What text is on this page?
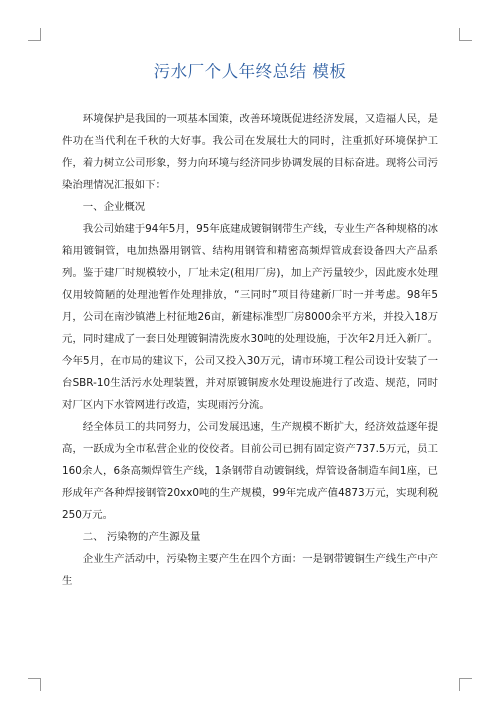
污水厂个人年终总结 模板

环境保护是我国的一项基本国策，改善环境既促进经济发展，又造福人民，是件功在当代利在千秋的大好事。我公司在发展壮大的同时，注重抓好环境保护工作，着力树立公司形象，努力向环境与经济同步协调发展的目标奋进。现将公司污染治理情况汇报如下：

一、企业概况

我公司始建于94年5月，95年底建成镀铜钢带生产线，专业生产各种规格的冰箱用镀铜管，电加热器用钢管、结构用钢管和精密高频焊管成套设备四大产品系列。鉴于建厂时规模较小，厂址未定(租用厂房)，加上产污量较少，因此废水处理仅用较简陋的处理池暂作处理排放，“三同时”项目待建新厂时一并考虑。98年5月，公司在南沙镇港上村征地26亩，新建标准型厂房8000余平方米，并投入18万元，同时建成了一套日处理镀铜清洗废水30吨的处理设施，于次年2月迁入新厂。今年5月，在市局的建议下，公司又投入30万元，请市环境工程公司设计安装了一台SBR-10生活污水处理装置，并对原镀铜废水处理设施进行了改造、规范，同时对厂区内下水管网进行改造，实现雨污分流。

经全体员工的共同努力，公司发展迅速，生产规模不断扩大，经济效益逐年提高，一跃成为全市私营企业的佼佼者。目前公司已拥有固定资产737.5万元，员工160余人，6条高频焊管生产线，1条钢带自动镀铜线，焊管设备制造车间1座，已形成年产各种焊接钢管20xx0吨的生产规模，99年完成产值4873万元，实现利税250万元。

二、 污染物的产生源及量

企业生产活动中，污染物主要产生在四个方面：一是钢带镀铜生产线生产中产生
